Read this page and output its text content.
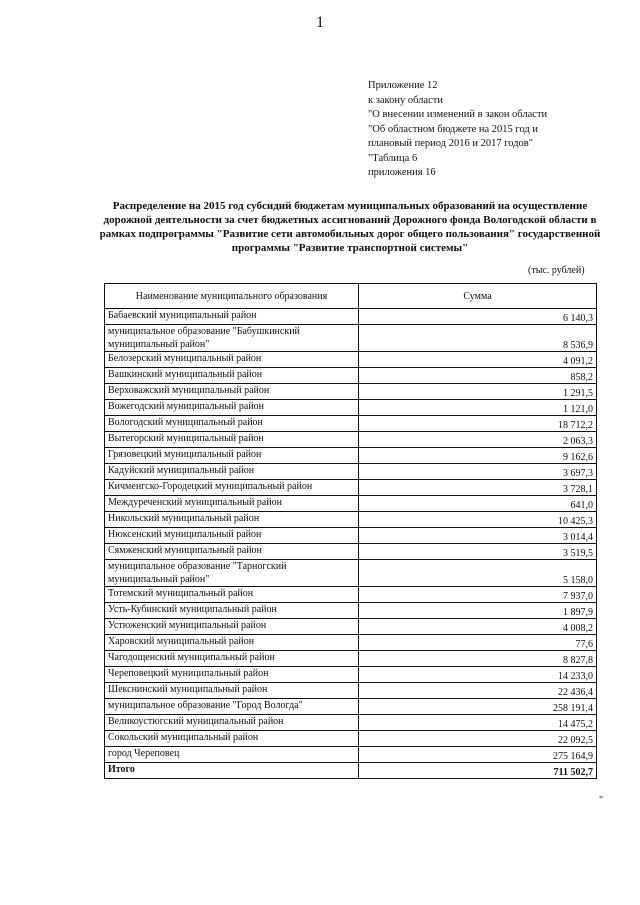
1
Приложение 12
к закону области
"О внесении изменений в закон области
"Об областном бюджете на 2015 год и
плановый период 2016 и 2017 годов"
"Таблица 6
приложения 16
Распределение на 2015 год субсидий бюджетам муниципальных образований на осуществление дорожной деятельности за счет бюджетных ассигнований Дорожного фонда Вологодской области в рамках подпрограммы "Развитие сети автомобильных дорог общего пользования" государственной программы "Развитие транспортной системы"
(тыс. рублей)
Наименование муниципального образования	Сумма
Бабаевский муниципальный район	6 140,3
муниципальное образование "Бабушкинский муниципальный район"	8 536,9
Белозерский муниципальный район	4 091,2
Вашкинский муниципальный район	858,2
Верховажский муниципальный район	1 291,5
Вожегодский муниципальный район	1 121,0
Вологодский муниципальный район	18 712,2
Вытегорский муниципальный район	2 063,3
Грязовецкий муниципальный район	9 162,6
Кадуйский муниципальный район	3 697,3
Кичменгско-Городецкий муниципальный район	3 728,1
Междуреченский муниципальный район	641,0
Никольский муниципальный район	10 425,3
Нюксенский муниципальный район	3 014,4
Сямженский муниципальный район	3 519,5
муниципальное образование "Тарногский муниципальный район"	5 158,0
Тотемский муниципальный район	7 937,0
Усть-Кубинский муниципальный район	1 897,9
Устюженский муниципальный район	4 008,2
Харовский муниципальный район	77,6
Чагодощенский муниципальный район	8 827,8
Череповецкий муниципальный район	14 233,0
Шекснинский муниципальный район	22 436,4
муниципальное образование "Город Вологда"	258 191,4
Великоустюгский муниципальный район	14 475,2
Сокольский муниципальный район	22 092,5
город Череповец	275 164,9
Итого	711 502,7
"
